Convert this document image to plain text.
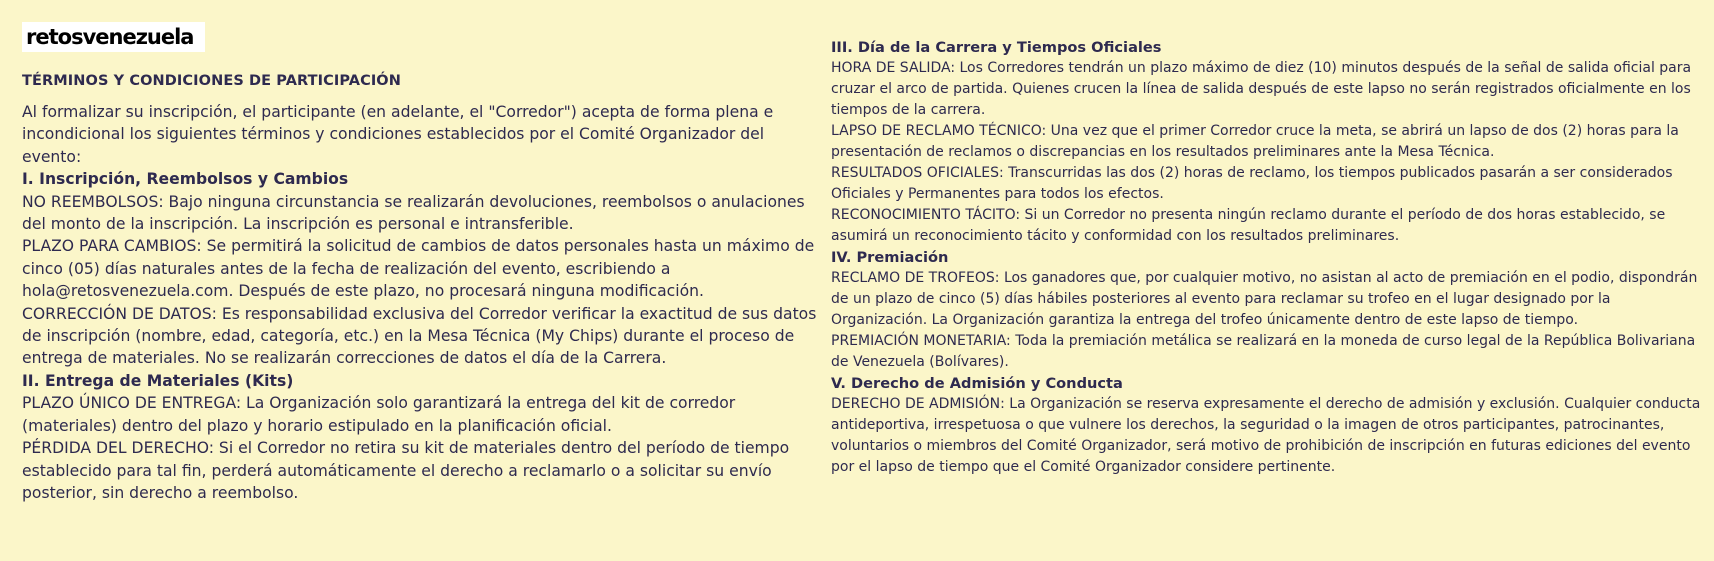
retosvenezuela
TÉRMINOS Y CONDICIONES DE PARTICIPACIÓN

Al formalizar su inscripción, el participante (en adelante, el "Corredor") acepta de forma plena e incondicional los siguientes términos y condiciones establecidos por el Comité Organizador del evento:

I. Inscripción, Reembolsos y Cambios

NO REEMBOLSOS: Bajo ninguna circunstancia se realizarán devoluciones, reembolsos o anulaciones del monto de la inscripción. La inscripción es personal e intransferible.

PLAZO PARA CAMBIOS: Se permitirá la solicitud de cambios de datos personales hasta un máximo de cinco (05) días naturales antes de la fecha de realización del evento, escribiendo a hola@retosvenezuela.com. Después de este plazo, no procesará ninguna modificación.

CORRECCIÓN DE DATOS: Es responsabilidad exclusiva del Corredor verificar la exactitud de sus datos de inscripción (nombre, edad, categoría, etc.) en la Mesa Técnica (My Chips) durante el proceso de entrega de materiales. No se realizarán correcciones de datos el día de la Carrera.

II. Entrega de Materiales (Kits)

PLAZO ÚNICO DE ENTREGA: La Organización solo garantizará la entrega del kit de corredor (materiales) dentro del plazo y horario estipulado en la planificación oficial.

PÉRDIDA DEL DERECHO: Si el Corredor no retira su kit de materiales dentro del período de tiempo establecido para tal fin, perderá automáticamente el derecho a reclamarlo o a solicitar su envío posterior, sin derecho a reembolso.

III. Día de la Carrera y Tiempos Oficiales

HORA DE SALIDA: Los Corredores tendrán un plazo máximo de diez (10) minutos después de la señal de salida oficial para cruzar el arco de partida. Quienes crucen la línea de salida después de este lapso no serán registrados oficialmente en los tiempos de la carrera.

LAPSO DE RECLAMO TÉCNICO: Una vez que el primer Corredor cruce la meta, se abrirá un lapso de dos (2) horas para la presentación de reclamos o discrepancias en los resultados preliminares ante la Mesa Técnica.

RESULTADOS OFICIALES: Transcurridas las dos (2) horas de reclamo, los tiempos publicados pasarán a ser considerados Oficiales y Permanentes para todos los efectos.

RECONOCIMIENTO TÁCITO: Si un Corredor no presenta ningún reclamo durante el período de dos horas establecido, se asumirá un reconocimiento tácito y conformidad con los resultados preliminares.

IV. Premiación

RECLAMO DE TROFEOS: Los ganadores que, por cualquier motivo, no asistan al acto de premiación en el podio, dispondrán de un plazo de cinco (5) días hábiles posteriores al evento para reclamar su trofeo en el lugar designado por la Organización. La Organización garantiza la entrega del trofeo únicamente dentro de este lapso de tiempo.

PREMIACIÓN MONETARIA: Toda la premiación metálica se realizará en la moneda de curso legal de la República Bolivariana de Venezuela (Bolívares).

V. Derecho de Admisión y Conducta

DERECHO DE ADMISIÓN: La Organización se reserva expresamente el derecho de admisión y exclusión. Cualquier conducta antideportiva, irrespetuosa o que vulnere los derechos, la seguridad o la imagen de otros participantes, patrocinantes, voluntarios o miembros del Comité Organizador, será motivo de prohibición de inscripción en futuras ediciones del evento por el lapso de tiempo que el Comité Organizador considere pertinente.
